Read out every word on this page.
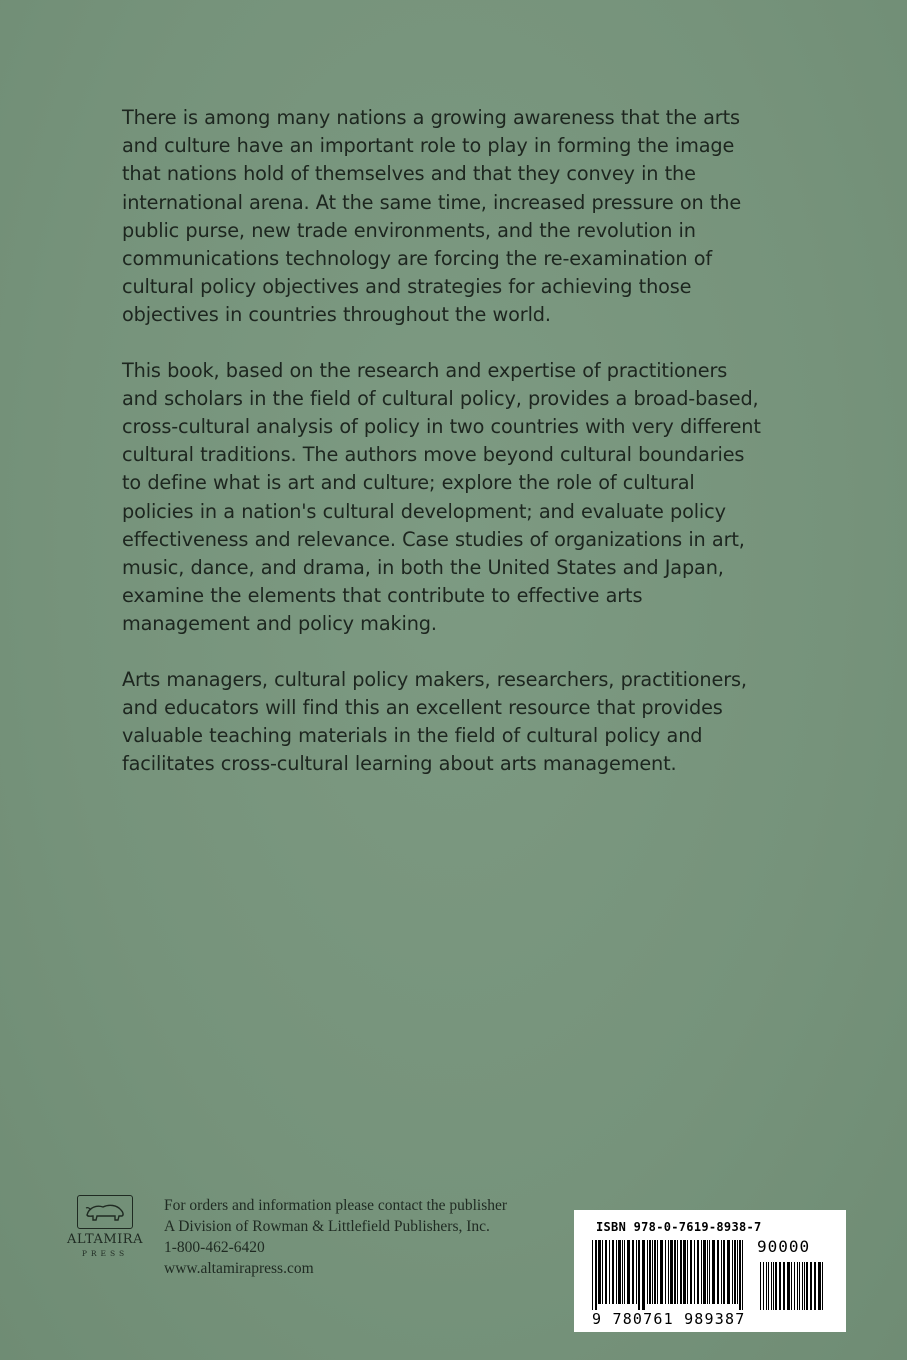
There is among many nations a growing awareness that the arts and culture have an important role to play in forming the image that nations hold of themselves and that they convey in the international arena. At the same time, increased pressure on the public purse, new trade environments, and the revolution in communications technology are forcing the re-examination of cultural policy objectives and strategies for achieving those objectives in countries throughout the world.

This book, based on the research and expertise of practitioners and scholars in the field of cultural policy, provides a broad-based, cross-cultural analysis of policy in two countries with very different cultural traditions. The authors move beyond cultural boundaries to define what is art and culture; explore the role of cultural policies in a nation's cultural development; and evaluate policy effectiveness and relevance. Case studies of organizations in art, music, dance, and drama, in both the United States and Japan, examine the elements that contribute to effective arts management and policy making.

Arts managers, cultural policy makers, researchers, practitioners, and educators will find this an excellent resource that provides valuable teaching materials in the field of cultural policy and facilitates cross-cultural learning about arts management.

ALTAMIRA
PRESS
For orders and information please contact the publisher
A Division of Rowman & Littlefield Publishers, Inc.
1-800-462-6420
www.altamirapress.com
ISBN 978-0-7619-8938-7
90000
9 780761 989387
